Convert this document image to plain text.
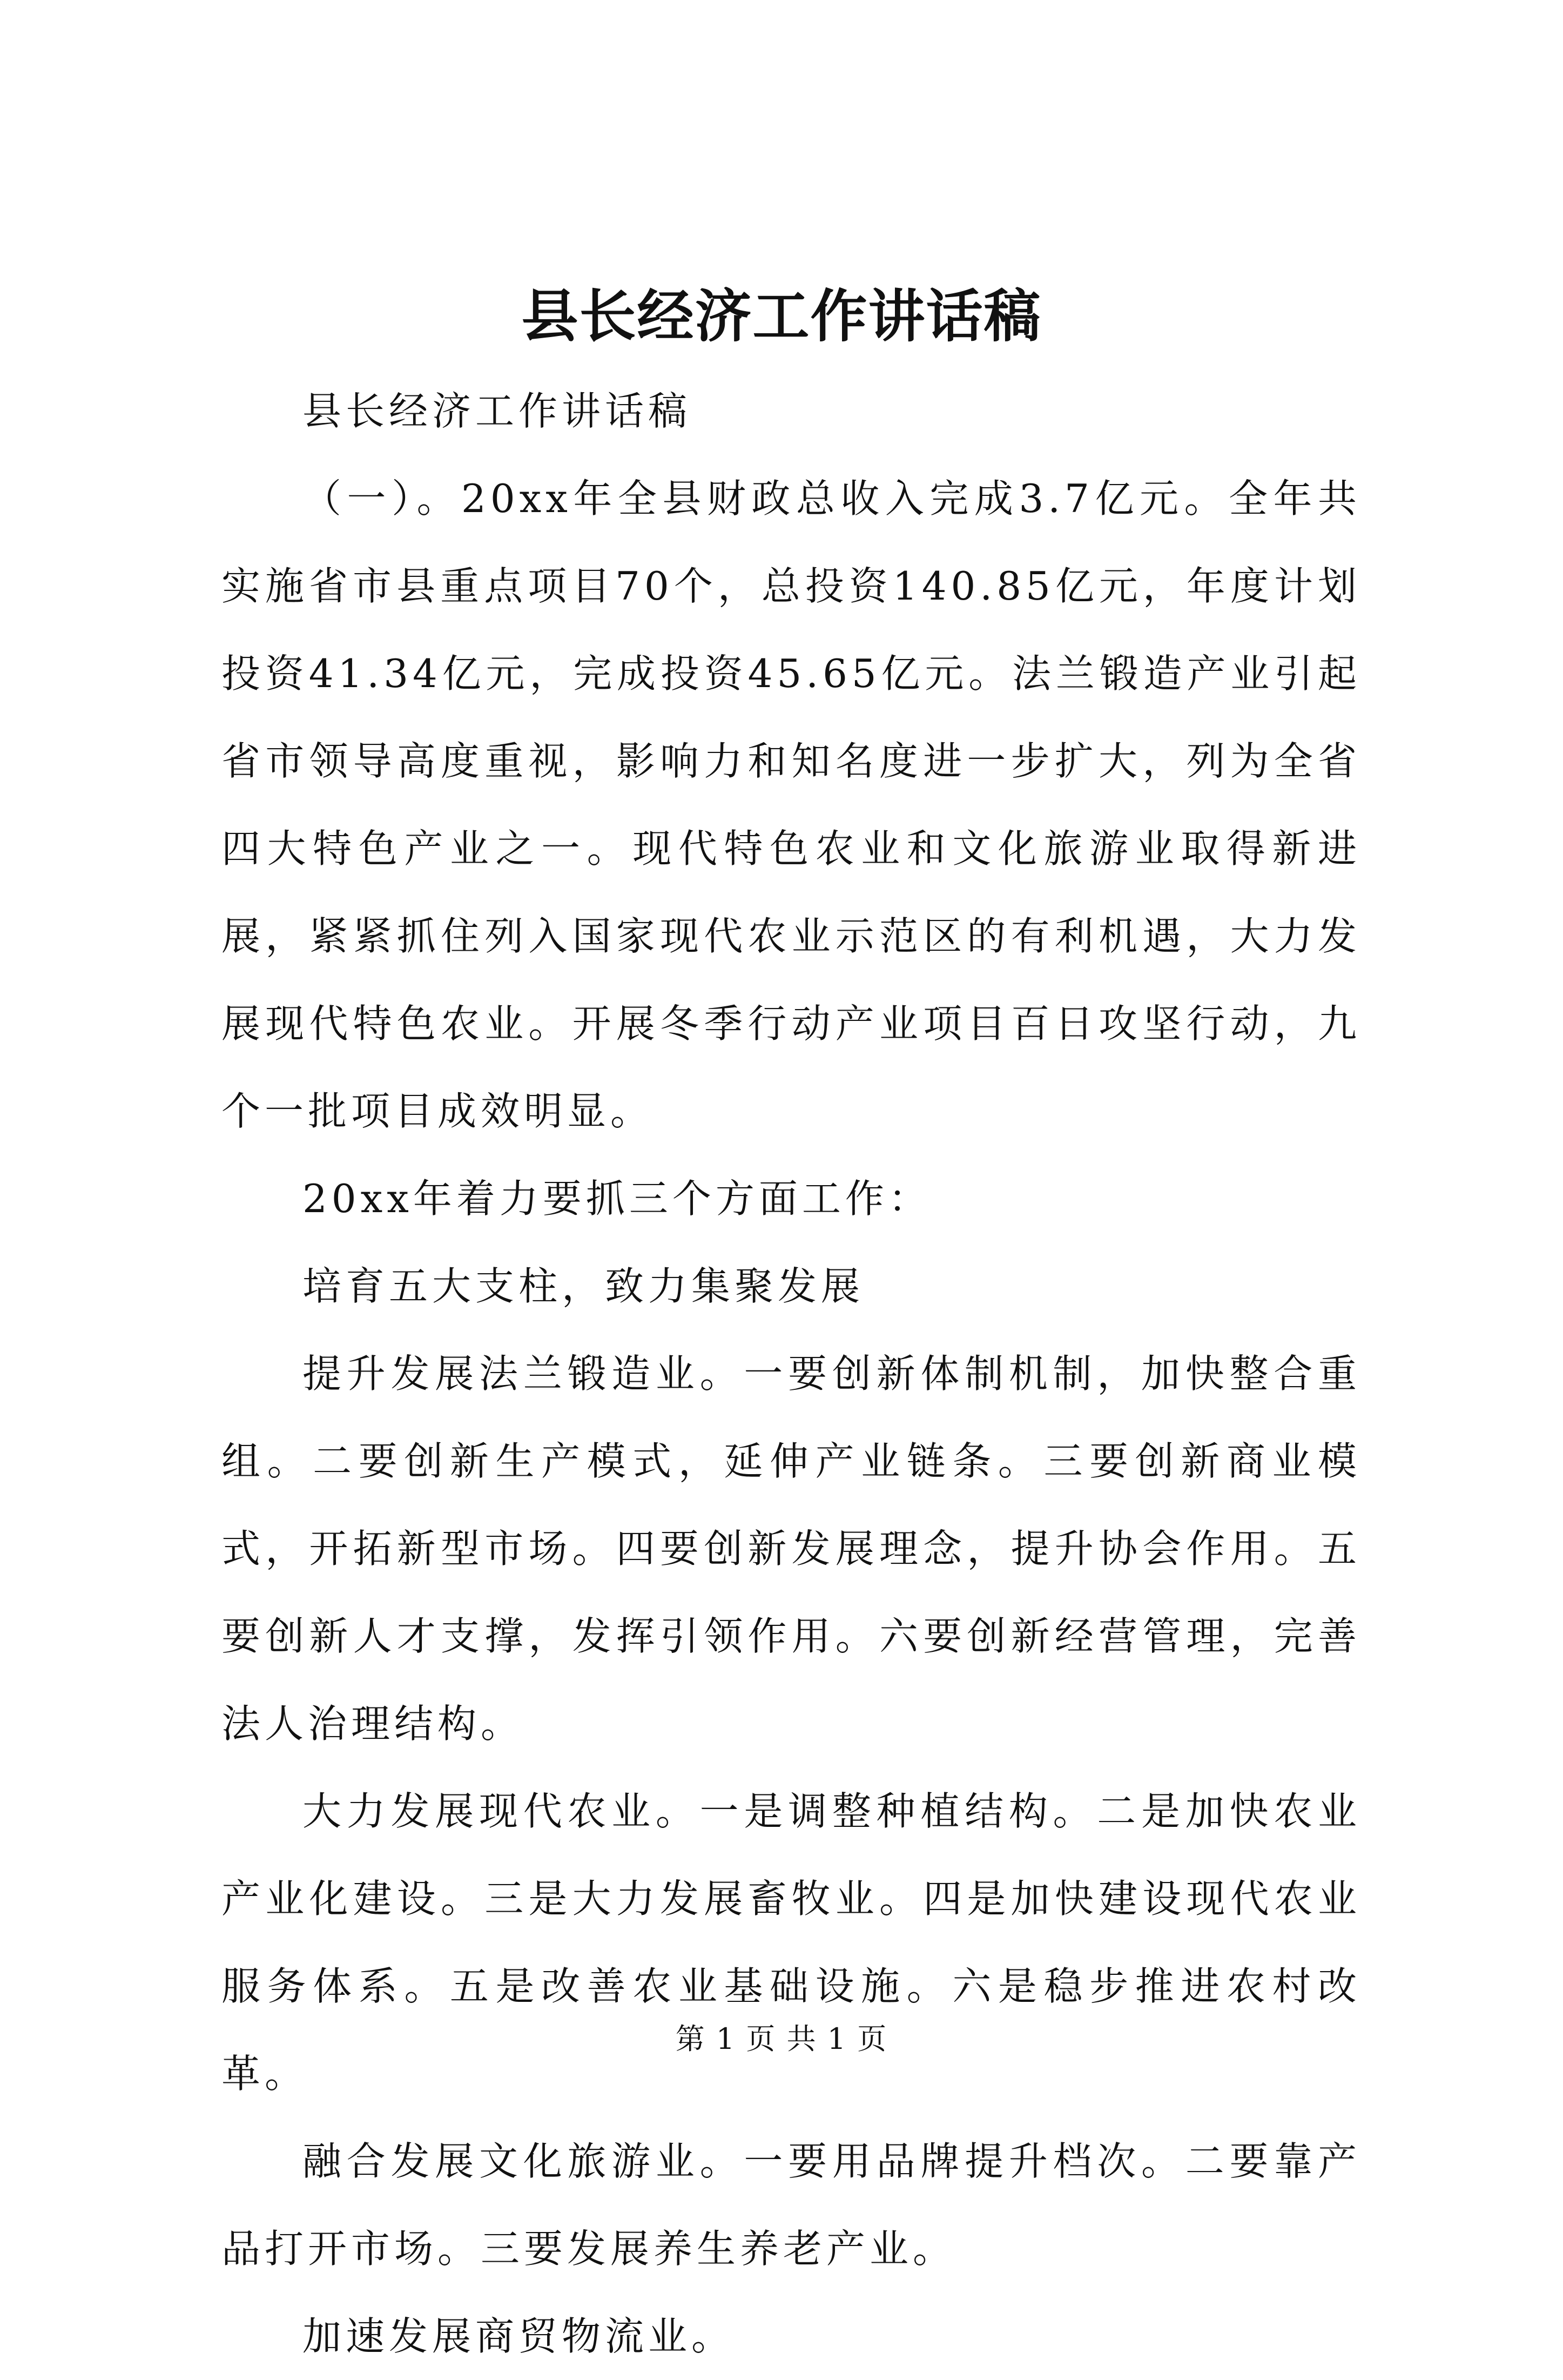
县长经济工作讲话稿

县长经济工作讲话稿

（一）。20xx年全县财政总收入完成3.7亿元。全年共实施省市县重点项目70个，总投资140.85亿元，年度计划投资41.34亿元，完成投资45.65亿元。法兰锻造产业引起省市领导高度重视，影响力和知名度进一步扩大，列为全省四大特色产业之一。现代特色农业和文化旅游业取得新进展，紧紧抓住列入国家现代农业示范区的有利机遇，大力发展现代特色农业。开展冬季行动产业项目百日攻坚行动，九个一批项目成效明显。

20xx年着力要抓三个方面工作：

培育五大支柱，致力集聚发展

提升发展法兰锻造业。一要创新体制机制，加快整合重组。二要创新生产模式，延伸产业链条。三要创新商业模式，开拓新型市场。四要创新发展理念，提升协会作用。五要创新人才支撑，发挥引领作用。六要创新经营管理，完善法人治理结构。

大力发展现代农业。一是调整种植结构。二是加快农业产业化建设。三是大力发展畜牧业。四是加快建设现代农业服务体系。五是改善农业基础设施。六是稳步推进农村改革。

融合发展文化旅游业。一要用品牌提升档次。二要靠产品打开市场。三要发展养生养老产业。

加速发展商贸物流业。

第 1 页 共 1 页
